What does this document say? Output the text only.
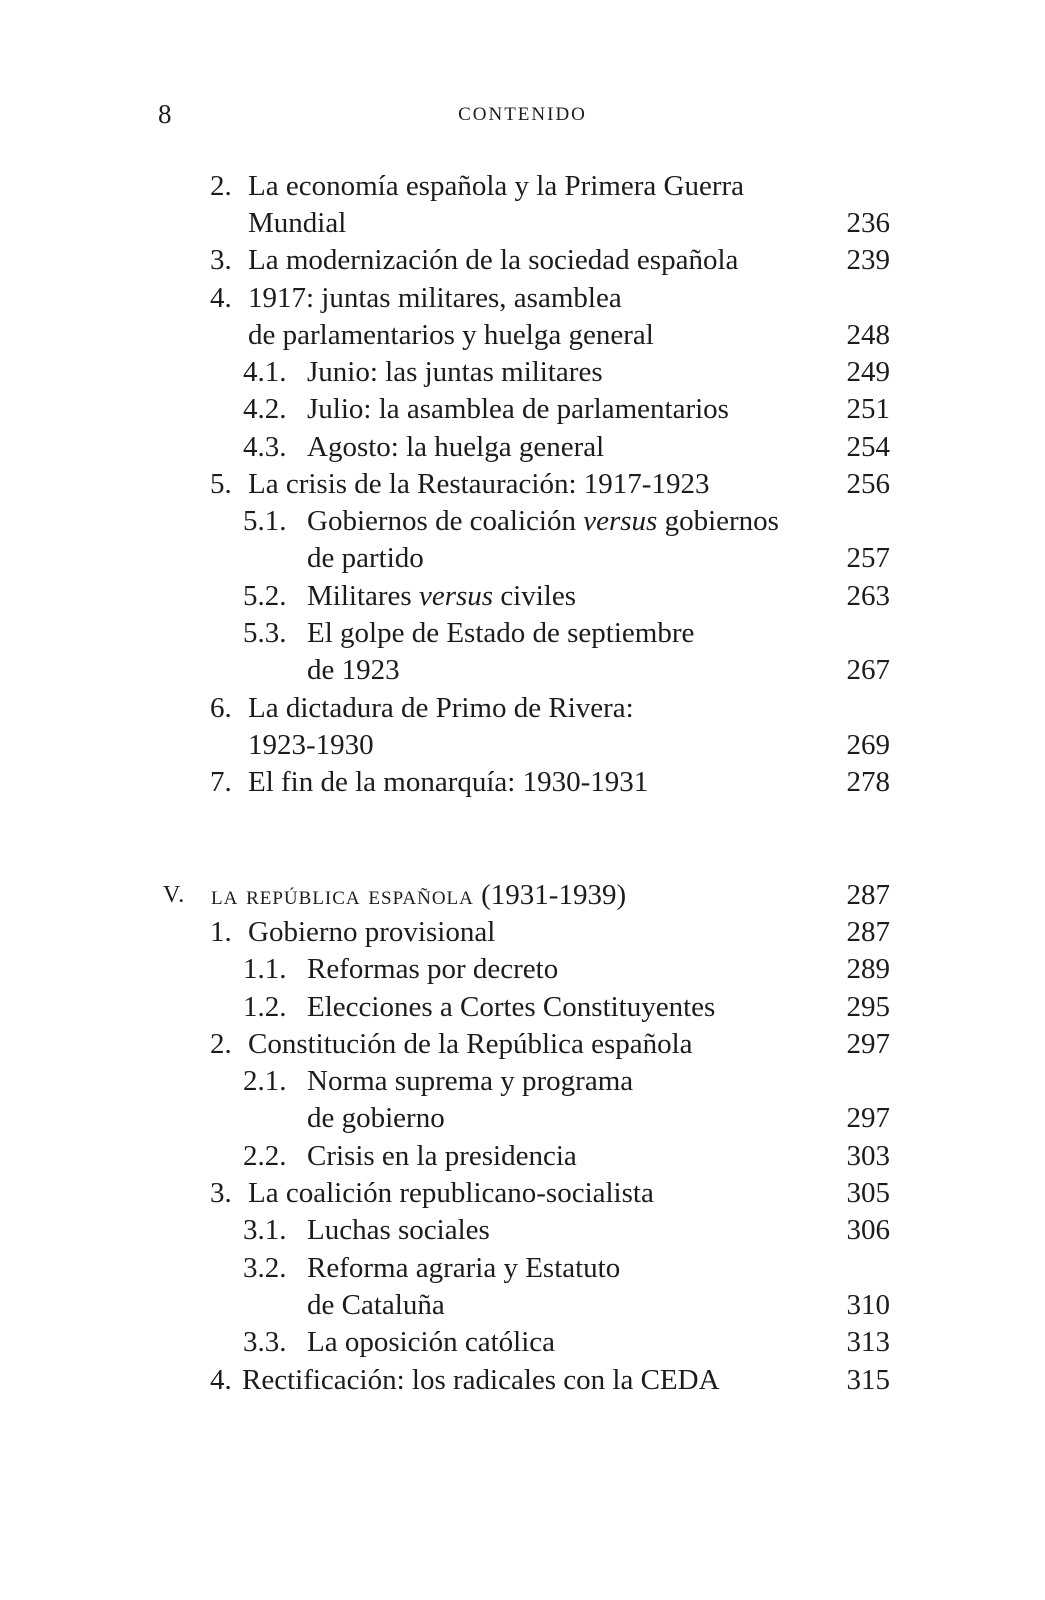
8	CONTENIDO
2. La economía española y la Primera Guerra
Mundial	236
3. La modernización de la sociedad española	239
4. 1917: juntas militares, asamblea
de parlamentarios y huelga general	248
4.1. Junio: las juntas militares	249
4.2. Julio: la asamblea de parlamentarios	251
4.3. Agosto: la huelga general	254
5. La crisis de la Restauración: 1917-1923	256
5.1. Gobiernos de coalición versus gobiernos
de partido	257
5.2. Militares versus civiles	263
5.3. El golpe de Estado de septiembre
de 1923	267
6. La dictadura de Primo de Rivera:
1923-1930	269
7. El fin de la monarquía: 1930-1931	278
V. la república española (1931-1939)	287
1. Gobierno provisional	287
1.1. Reformas por decreto	289
1.2. Elecciones a Cortes Constituyentes	295
2. Constitución de la República española	297
2.1. Norma suprema y programa
de gobierno	297
2.2. Crisis en la presidencia	303
3. La coalición republicano-socialista	305
3.1. Luchas sociales	306
3.2. Reforma agraria y Estatuto
de Cataluña	310
3.3. La oposición católica	313
4. Rectificación: los radicales con la CEDA	315
